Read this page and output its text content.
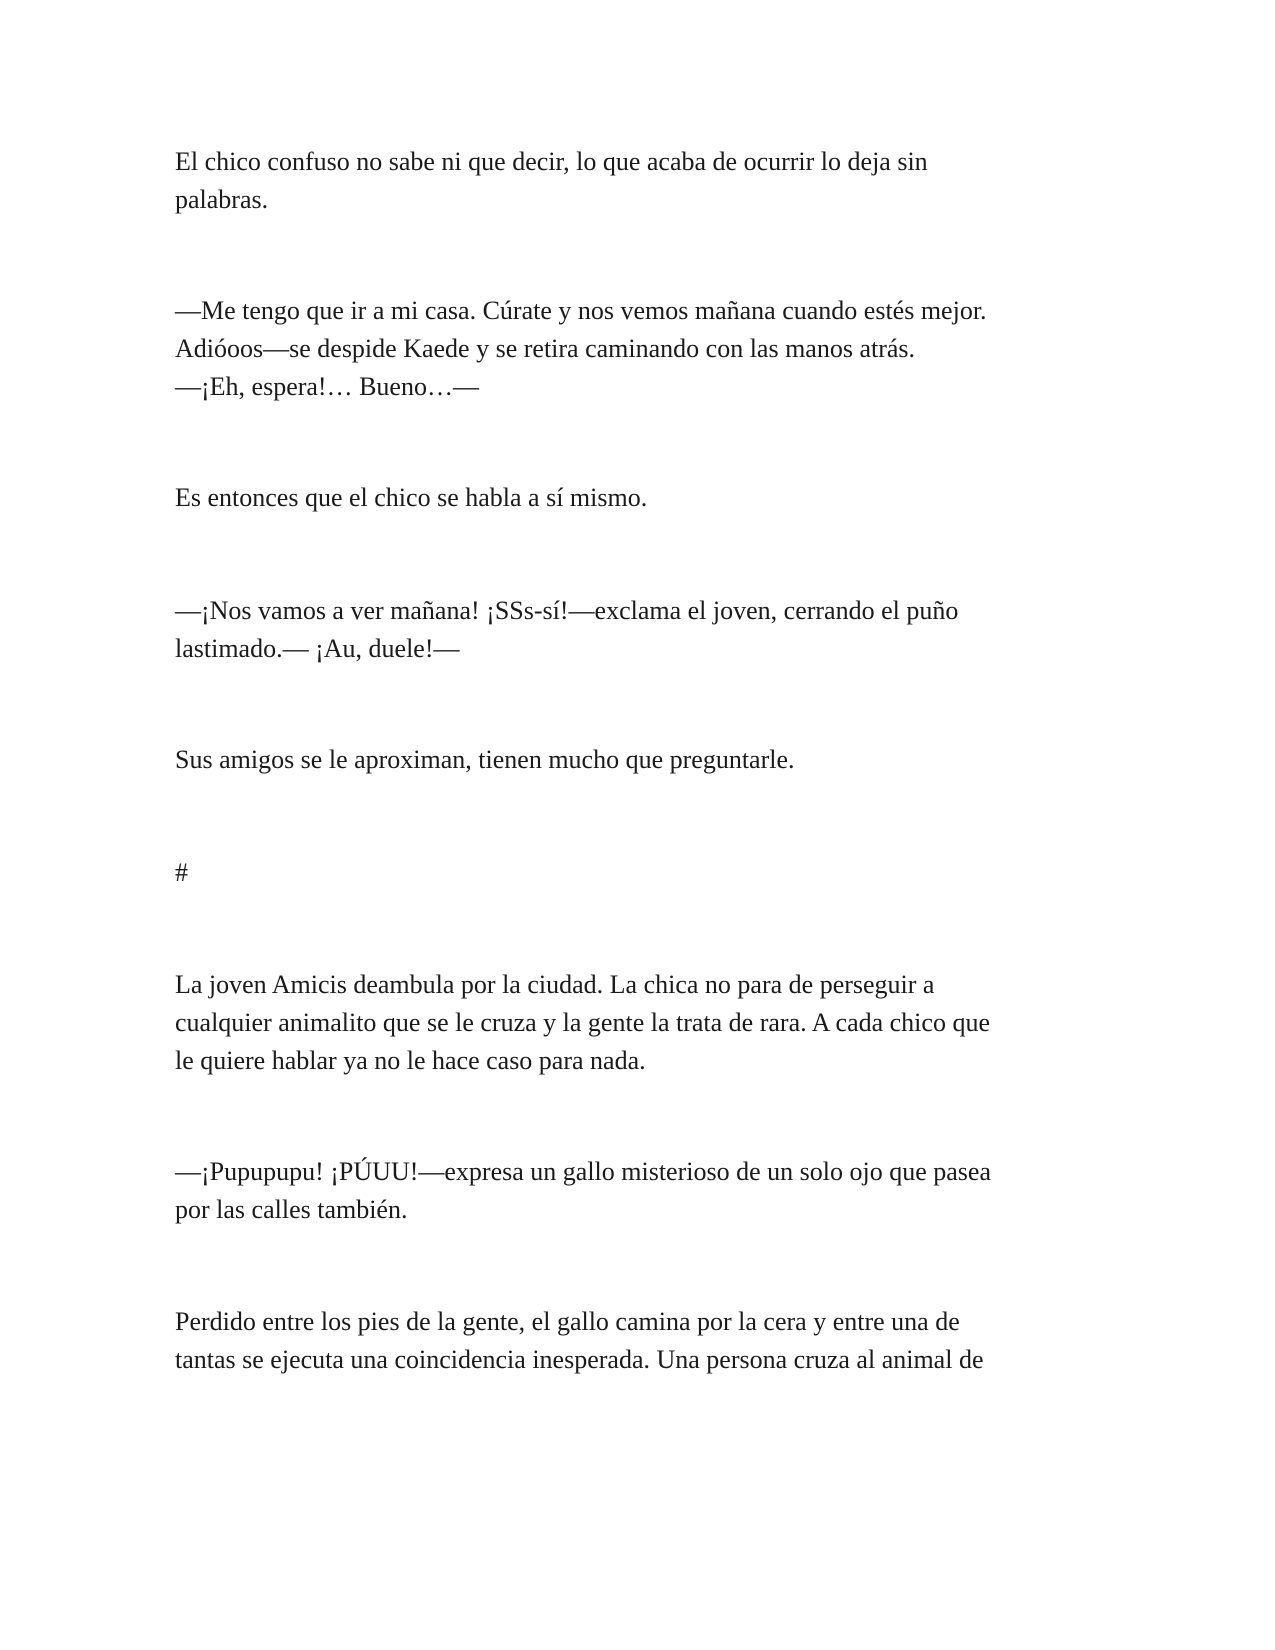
El chico confuso no sabe ni que decir, lo que acaba de ocurrir lo deja sin
palabras.

—Me tengo que ir a mi casa. Cúrate y nos vemos mañana cuando estés mejor.
Adióoos—se despide Kaede y se retira caminando con las manos atrás.
—¡Eh, espera!… Bueno…—

Es entonces que el chico se habla a sí mismo.

—¡Nos vamos a ver mañana! ¡SSs-sí!—exclama el joven, cerrando el puño
lastimado.— ¡Au, duele!—

Sus amigos se le aproximan, tienen mucho que preguntarle.

#

La joven Amicis deambula por la ciudad. La chica no para de perseguir a
cualquier animalito que se le cruza y la gente la trata de rara. A cada chico que
le quiere hablar ya no le hace caso para nada.

—¡Pupupupu! ¡PÚUU!—expresa un gallo misterioso de un solo ojo que pasea
por las calles también.

Perdido entre los pies de la gente, el gallo camina por la cera y entre una de
tantas se ejecuta una coincidencia inesperada. Una persona cruza al animal de
